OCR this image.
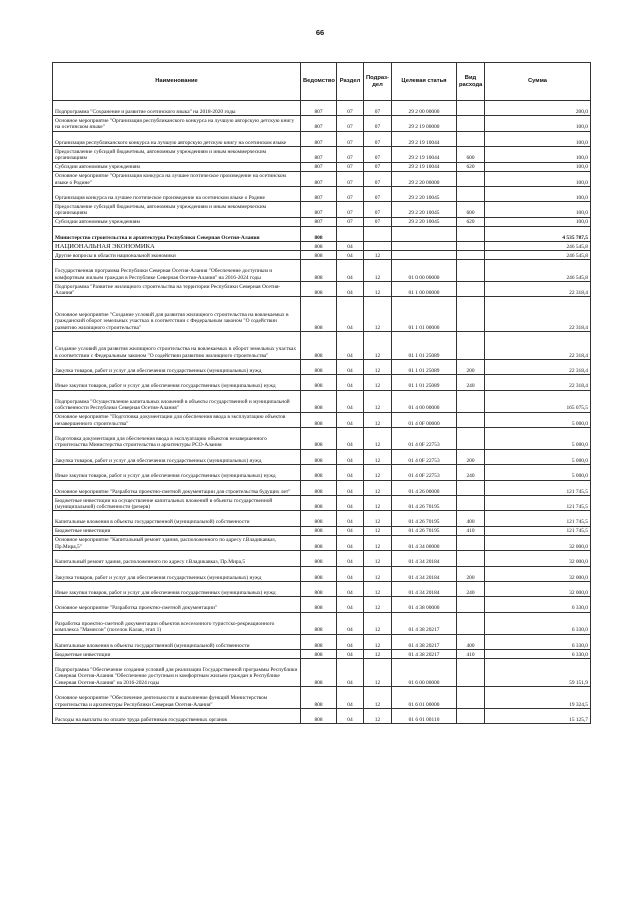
66
Наименование	Ведомство	Раздел	Подраз- дел	Целевая статья	Вид расхода	Сумма
Подпрограмма "Сохранение и развитие осетинского языка" на 2018-2020 годы	807	07	07	29 2 00 00000		200,0
Основное мероприятие "Организация республиканского конкурса на лучшую авторскую детскую книгу на осетинском языке"	807	07	07	29 2 19 00000		100,0
Организация республиканского конкурса на лучшую авторскую детскую книгу на осетинском языке	807	07	07	29 2 19 10044		100,0
Предоставление субсидий бюджетным, автономным учреждениям и иным некоммерческим организациям	807	07	07	29 2 19 10044	600	100,0
Субсидии автономным учреждениям	807	07	07	29 2 19 10044	620	100,0
Основное мероприятие "Организация конкурса на лучшее поэтическое произведение на осетинском языке о Родине"	807	07	07	29 2 20 00000		100,0
Организация конкурса на лучшее поэтическое произведение на осетинском языке о Родине	807	07	07	29 2 20 10045		100,0
Предоставление субсидий бюджетным, автономным учреждениям и иным некоммерческим организациям	807	07	07	29 2 20 10045	600	100,0
Субсидии автономным учреждениям	807	07	07	29 2 20 10045	620	100,0
Министерство строительства и архитектуры Республики Северная Осетия-Алания	808					4 535 787,5
НАЦИОНАЛЬНАЯ ЭКОНОМИКА	808	04				246 545,8
Другие вопросы в области национальной экономики	808	04	12			246 545,8
Государственная программа Республики Северная Осетия-Алания "Обеспечение доступным и комфортным жильем граждан в Республике Северная Осетия-Алания" на 2016-2024 годы	808	04	12	01 0 00 00000		246 545,8
Подпрограмма "Развитие жилищного строительства на территории Республики Северная Осетия-Алания"	808	04	12	01 1 00 00000		22 318,4
Основное мероприятие "Создание условий для развития жилищного строительства на вовлекаемых в гражданский оборот земельных участках в соответствии с Федеральным законом "О содействии развитию жилищного строительства"	808	04	12	01 1 01 00000		22 318,4
Создание условий для развития жилищного строительства на вовлекаемых в оборот земельных участках в соответствии с Федеральным законом "О содействии развитию жилищного строительства"	808	04	12	01 1 01 25089		22 318,4
Закупка товаров, работ и услуг для обеспечения государственных (муниципальных) нужд	808	04	12	01 1 01 25089	200	22 318,4
Иные закупки товаров, работ и услуг для обеспечения государственных (муниципальных) нужд	808	04	12	01 1 01 25089	240	22 318,4
Подпрограмма "Осуществление капитальных вложений в объекты государственной и муниципальной собственности Республики Северная Осетия-Алания"	808	04	12	01 4 00 00000		165 075,5
Основное мероприятие "Подготовка документации для обеспечения ввода в эксплуатацию объектов незавершенного строительства"	808	04	12	01 4 0F 00000		5 000,0
Подготовка документации для обеспечения ввода в эксплуатацию объектов незавершенного строительства Министерства строительства и архитектуры РСО-Алания	808	04	12	01 4 0F 22753		5 000,0
Закупка товаров, работ и услуг для обеспечения государственных (муниципальных) нужд	808	04	12	01 4 0F 22753	200	5 000,0
Иные закупки товаров, работ и услуг для обеспечения государственных (муниципальных) нужд	808	04	12	01 4 0F 22753	240	5 000,0
Основное мероприятие "Разработка проектно-сметной документации для строительства будущих лет"	808	04	12	01 4 26 00000		121 745,5
Бюджетные инвестиции на осуществление капитальных вложений в объекты государственной (муниципальной) собственности (резерв)	808	04	12	01 4 26 70195		121 745,5
Капитальные вложения в объекты государственной (муниципальной) собственности	808	04	12	01 4 26 70195	400	121 745,5
Бюджетные инвестиции	808	04	12	01 4 26 70195	410	121 745,5
Основное мероприятие "Капитальный ремонт здания, расположенного по адресу г.Владикавказ, Пр.Мира,5"	808	04	12	01 4 34 00000		32 000,0
Капитальный ремонт здания, расположенного по адресу г.Владикавказ, Пр.Мира,5	808	04	12	01 4 34 20184		32 000,0
Закупка товаров, работ и услуг для обеспечения государственных (муниципальных) нужд	808	04	12	01 4 34 20184	200	32 000,0
Иные закупки товаров, работ и услуг для обеспечения государственных (муниципальных) нужд	808	04	12	01 4 34 20184	240	32 000,0
Основное мероприятие "Разработка проектно-сметной документации"	808	04	12	01 4 38 00000		6 330,0
Разработка проектно-сметной документации объектов всесезонного туристско-рекреационного комплекса "Мамисон" (поселок Калак, этап 1)	808	04	12	01 4 38 20217		6 330,0
Капитальные вложения в объекты государственной (муниципальной) собственности	808	04	12	01 4 38 20217	400	6 330,0
Бюджетные инвестиции	808	04	12	01 4 38 20217	410	6 330,0
Подпрограмма "Обеспечение создания условий для реализации Государственной программы Республики Северная Осетия-Алания "Обеспечение доступным и комфортным жильем граждан в Республике Северная Осетия-Алания" на 2016-2024 годы	808	04	12	01 6 00 00000		59 151,9
Основное мероприятие "Обеспечение деятельности и выполнение функций Министерством строительства и архитектуры Республики Северная Осетия-Алания"	808	04	12	01 6 01 00000		19 324,5
Расходы на выплаты по оплате труда работников государственных органов	808	04	12	01 6 01 00110		15 125,7
